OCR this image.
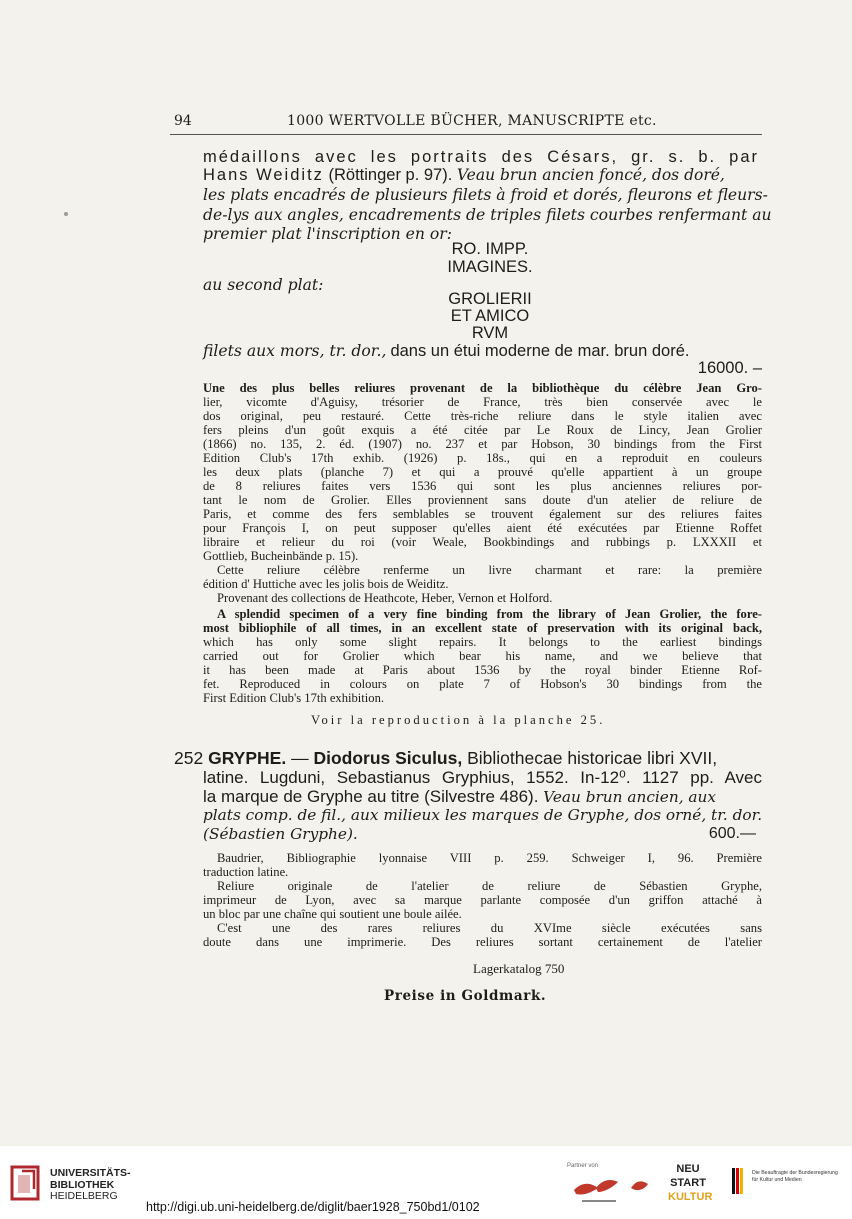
94	1000 WERTVOLLE BÜCHER, MANUSCRIPTE etc.
médaillons avec les portraits des Césars, gr. s. b. par
Hans Weiditz (Röttinger p. 97). Veau brun ancien foncé, dos doré,
les plats encadrés de plusieurs filets à froid et dorés, fleurons et fleurs-
de-lys aux angles, encadrements de triples filets courbes renfermant au
premier plat l'inscription en or:
RO. IMPP.
IMAGINES.
au second plat:
GROLIERII
ET AMICO
RVM
filets aux mors, tr. dor., dans un étui moderne de mar. brun doré.
16000. –
Une des plus belles reliures provenant de la bibliothèque du célèbre Jean Gro-
lier, vicomte d'Aguisy, trésorier de France, très bien conservée avec le
dos original, peu restauré. Cette très-riche reliure dans le style italien avec
fers pleins d'un goût exquis a été citée par Le Roux de Lincy, Jean Grolier
(1866) no. 135, 2. éd. (1907) no. 237 et par Hobson, 30 bindings from the First
Edition Club's 17th exhib. (1926) p. 18s., qui en a reproduit en couleurs
les deux plats (planche 7) et qui a prouvé qu'elle appartient à un groupe
de 8 reliures faites vers 1536 qui sont les plus anciennes reliures por-
tant le nom de Grolier. Elles proviennent sans doute d'un atelier de reliure de
Paris, et comme des fers semblables se trouvent également sur des reliures faites
pour François I, on peut supposer qu'elles aient été exécutées par Etienne Roffet
libraire et relieur du roi (voir Weale, Bookbindings and rubbings p. LXXXII et
Gottlieb, Bucheinbände p. 15).
Cette reliure célèbre renferme un livre charmant et rare: la première
édition d' Huttiche avec les jolis bois de Weiditz.
Provenant des collections de Heathcote, Heber, Vernon et Holford.
A splendid specimen of a very fine binding from the library of Jean Grolier, the fore-
most bibliophile of all times, in an excellent state of preservation with its original back,
which has only some slight repairs. It belongs to the earliest bindings
carried out for Grolier which bear his name, and we believe that
it has been made at Paris about 1536 by the royal binder Etienne Rof-
fet. Reproduced in colours on plate 7 of Hobson's 30 bindings from the
First Edition Club's 17th exhibition.
Voir la reproduction à la planche 25.
252 GRYPHE. — Diodorus Siculus, Bibliothecae historicae libri XVII,
latine. Lugduni, Sebastianus Gryphius, 1552. In-12⁰. 1127 pp. Avec
la marque de Gryphe au titre (Silvestre 486). Veau brun ancien, aux
plats comp. de fil., aux milieux les marques de Gryphe, dos orné, tr. dor.
(Sébastien Gryphe).	600.—
Baudrier, Bibliographie lyonnaise VIII p. 259. Schweiger I, 96. Première
traduction latine.
Reliure originale de l'atelier de reliure de Sébastien Gryphe,
imprimeur de Lyon, avec sa marque parlante composée d'un griffon attaché à
un bloc par une chaîne qui soutient une boule ailée.
C'est une des rares reliures du XVIme siècle exécutées sans
doute dans une imprimerie. Des reliures sortant certainement de l'atelier
Lagerkatalog 750
Preise in Goldmark.
UNIVERSITÄTS-
BIBLIOTHEK
HEIDELBERG
Partner von	NEU
START
KULTUR
Die Beauftragte der Bundesregierung
für Kultur und Medien
http://digi.ub.uni-heidelberg.de/diglit/baer1928_750bd1/0102
